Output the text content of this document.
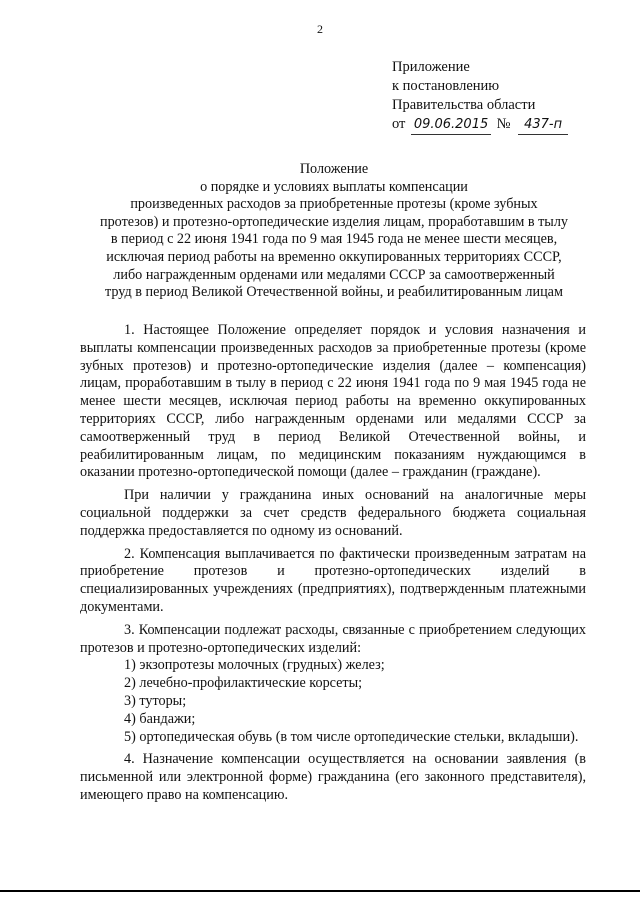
2
Приложение
к постановлению
Правительства области
от 09.06.2015 № 437-п
Положение
о порядке и условиях выплаты компенсации
произведенных расходов за приобретенные протезы (кроме зубных
протезов) и протезно-ортопедические изделия лицам, проработавшим в тылу
в период с 22 июня 1941 года по 9 мая 1945 года не менее шести месяцев,
исключая период работы на временно оккупированных территориях СССР,
либо награжденным орденами или медалями СССР за самоотверженный
труд в период Великой Отечественной войны, и реабилитированным лицам

1. Настоящее Положение определяет порядок и условия назначения и выплаты компенсации произведенных расходов за приобретенные протезы (кроме зубных протезов) и протезно-ортопедические изделия (далее – компенсация) лицам, проработавшим в тылу в период с 22 июня 1941 года по 9 мая 1945 года не менее шести месяцев, исключая период работы на временно оккупированных территориях СССР, либо награжденным орденами или медалями СССР за самоотверженный труд в период Великой Отечественной войны, и реабилитированным лицам, по медицинским показаниям нуждающимся в оказании протезно-ортопедической помощи (далее – гражданин (граждане).

При наличии у гражданина иных оснований на аналогичные меры социальной поддержки за счет средств федерального бюджета социальная поддержка предоставляется по одному из оснований.

2. Компенсация выплачивается по фактически произведенным затратам на приобретение протезов и протезно-ортопедических изделий в специализированных учреждениях (предприятиях), подтвержденным платежными документами.

3. Компенсации подлежат расходы, связанные с приобретением следующих протезов и протезно-ортопедических изделий:

1) экзопротезы молочных (грудных) желез;

2) лечебно-профилактические корсеты;

3) туторы;

4) бандажи;

5) ортопедическая обувь (в том числе ортопедические стельки, вкладыши).

4. Назначение компенсации осуществляется на основании заявления (в письменной или электронной форме) гражданина (его законного представителя), имеющего право на компенсацию.
